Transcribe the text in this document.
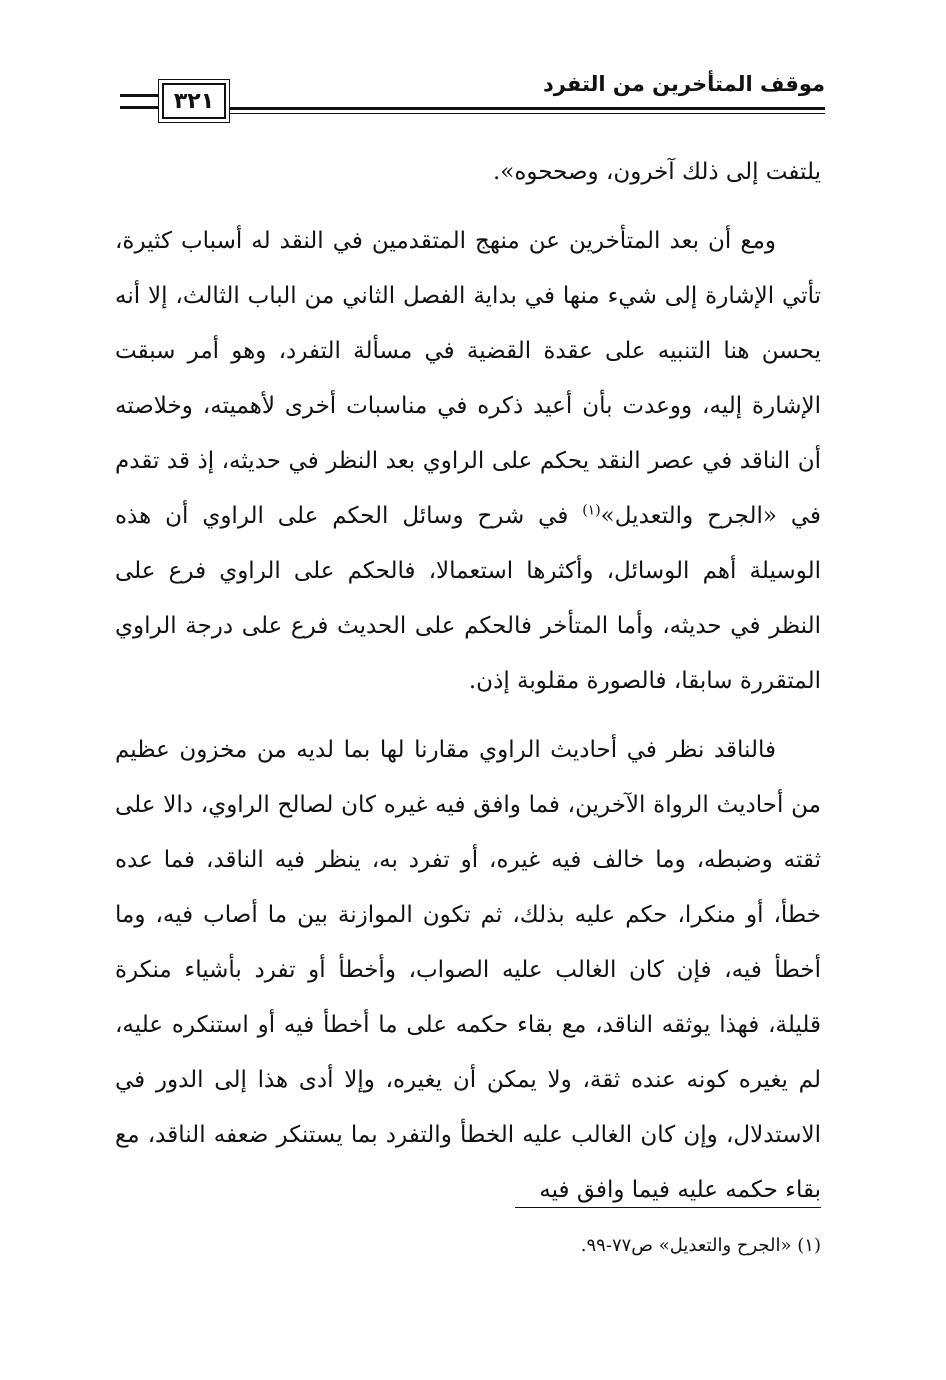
موقف المتأخرين من التفرد
٣٢١

يلتفت إلى ذلك آخرون، وصححوه».

ومع أن بعد المتأخرين عن منهج المتقدمين في النقد له أسباب كثيرة، تأتي الإشارة إلى شيء منها في بداية الفصل الثاني من الباب الثالث، إلا أنه يحسن هنا التنبيه على عقدة القضية في مسألة التفرد، وهو أمر سبقت الإشارة إليه، ووعدت بأن أعيد ذكره في مناسبات أخرى لأهميته، وخلاصته أن الناقد في عصر النقد يحكم على الراوي بعد النظر في حديثه، إذ قد تقدم في «الجرح والتعديل»$^{(١)}$ في شرح وسائل الحكم على الراوي أن هذه الوسيلة أهم الوسائل، وأكثرها استعمالا، فالحكم على الراوي فرع على النظر في حديثه، وأما المتأخر فالحكم على الحديث فرع على درجة الراوي المتقررة سابقا، فالصورة مقلوبة إذن.

فالناقد نظر في أحاديث الراوي مقارنا لها بما لديه من مخزون عظيم من أحاديث الرواة الآخرين، فما وافق فيه غيره كان لصالح الراوي، دالا على ثقته وضبطه، وما خالف فيه غيره، أو تفرد به، ينظر فيه الناقد، فما عده خطأ، أو منكرا، حكم عليه بذلك، ثم تكون الموازنة بين ما أصاب فيه، وما أخطأ فيه، فإن كان الغالب عليه الصواب، وأخطأ أو تفرد بأشياء منكرة قليلة، فهذا يوثقه الناقد، مع بقاء حكمه على ما أخطأ فيه أو استنكره عليه، لم يغيره كونه عنده ثقة، ولا يمكن أن يغيره، وإلا أدى هذا إلى الدور في الاستدلال، وإن كان الغالب عليه الخطأ والتفرد بما يستنكر ضعفه الناقد، مع بقاء حكمه عليه فيما وافق فيه

(١) «الجرح والتعديل» ص٧٧-٩٩.
